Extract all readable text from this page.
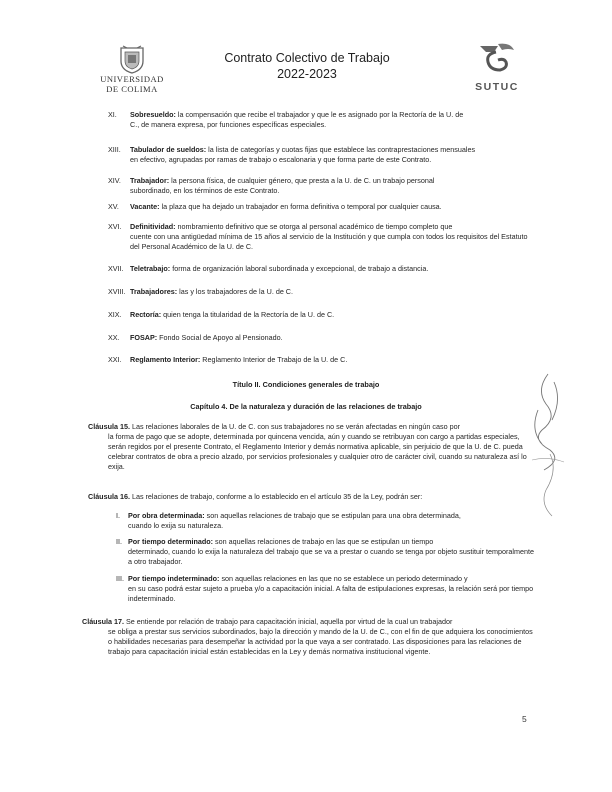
UNIVERSIDAD
DE COLIMA
Contrato Colectivo de Trabajo
2022-2023
SUTUC
XI. Sobresueldo: la compensación que recibe el trabajador y que le es asignado por la Rectoría de la U. de
C., de manera expresa, por funciones específicas especiales.
XIII. Tabulador de sueldos: la lista de categorías y cuotas fijas que establece las contraprestaciones mensuales
en efectivo, agrupadas por ramas de trabajo o escalonaria y que forma parte de este Contrato.
XIV. Trabajador: la persona física, de cualquier género, que presta a la U. de C. un trabajo personal
subordinado, en los términos de este Contrato.
XV. Vacante: la plaza que ha dejado un trabajador en forma definitiva o temporal por cualquier causa.
XVI. Definitividad: nombramiento definitivo que se otorga al personal académico de tiempo completo que
cuente con una antigüedad mínima de 15 años al servicio de la Institución y que cumpla con todos los requisitos del Estatuto del Personal Académico de la U. de C.
XVII. Teletrabajo: forma de organización laboral subordinada y excepcional, de trabajo a distancia.
XVIII. Trabajadores: las y los trabajadores de la U. de C.
XIX. Rectoría: quien tenga la titularidad de la Rectoría de la U. de C.
XX. FOSAP: Fondo Social de Apoyo al Pensionado.
XXI. Reglamento Interior: Reglamento Interior de Trabajo de la U. de C.
Título II. Condiciones generales de trabajo
Capítulo 4. De la naturaleza y duración de las relaciones de trabajo
Cláusula 15. Las relaciones laborales de la U. de C. con sus trabajadores no se verán afectadas en ningún caso por
la forma de pago que se adopte, determinada por quincena vencida, aún y cuando se retribuyan con cargo a partidas especiales, serán regidos por el presente Contrato, el Reglamento Interior y demás normativa aplicable, sin perjuicio de que la U. de C. pueda celebrar contratos de obra a precio alzado, por servicios profesionales y cualquier otro de carácter civil, cuando su naturaleza así lo exija.
Cláusula 16. Las relaciones de trabajo, conforme a lo establecido en el artículo 35 de la Ley, podrán ser:
I. Por obra determinada: son aquellas relaciones de trabajo que se estipulan para una obra determinada,
cuando lo exija su naturaleza.
II. Por tiempo determinado: son aquellas relaciones de trabajo en las que se estipulan un tiempo
determinado, cuando lo exija la naturaleza del trabajo que se va a prestar o cuando se tenga por objeto sustituir temporalmente a otro trabajador.
III. Por tiempo indeterminado: son aquellas relaciones en las que no se establece un periodo determinado y
en su caso podrá estar sujeto a prueba y/o a capacitación inicial. A falta de estipulaciones expresas, la relación será por tiempo indeterminado.
Cláusula 17. Se entiende por relación de trabajo para capacitación inicial, aquella por virtud de la cual un trabajador
se obliga a prestar sus servicios subordinados, bajo la dirección y mando de la U. de C., con el fin de que adquiera los conocimientos o habilidades necesarias para desempeñar la actividad por la que vaya a ser contratado. Las disposiciones para las relaciones de trabajo para capacitación inicial están establecidas en la Ley y demás normativa institucional vigente.
5
